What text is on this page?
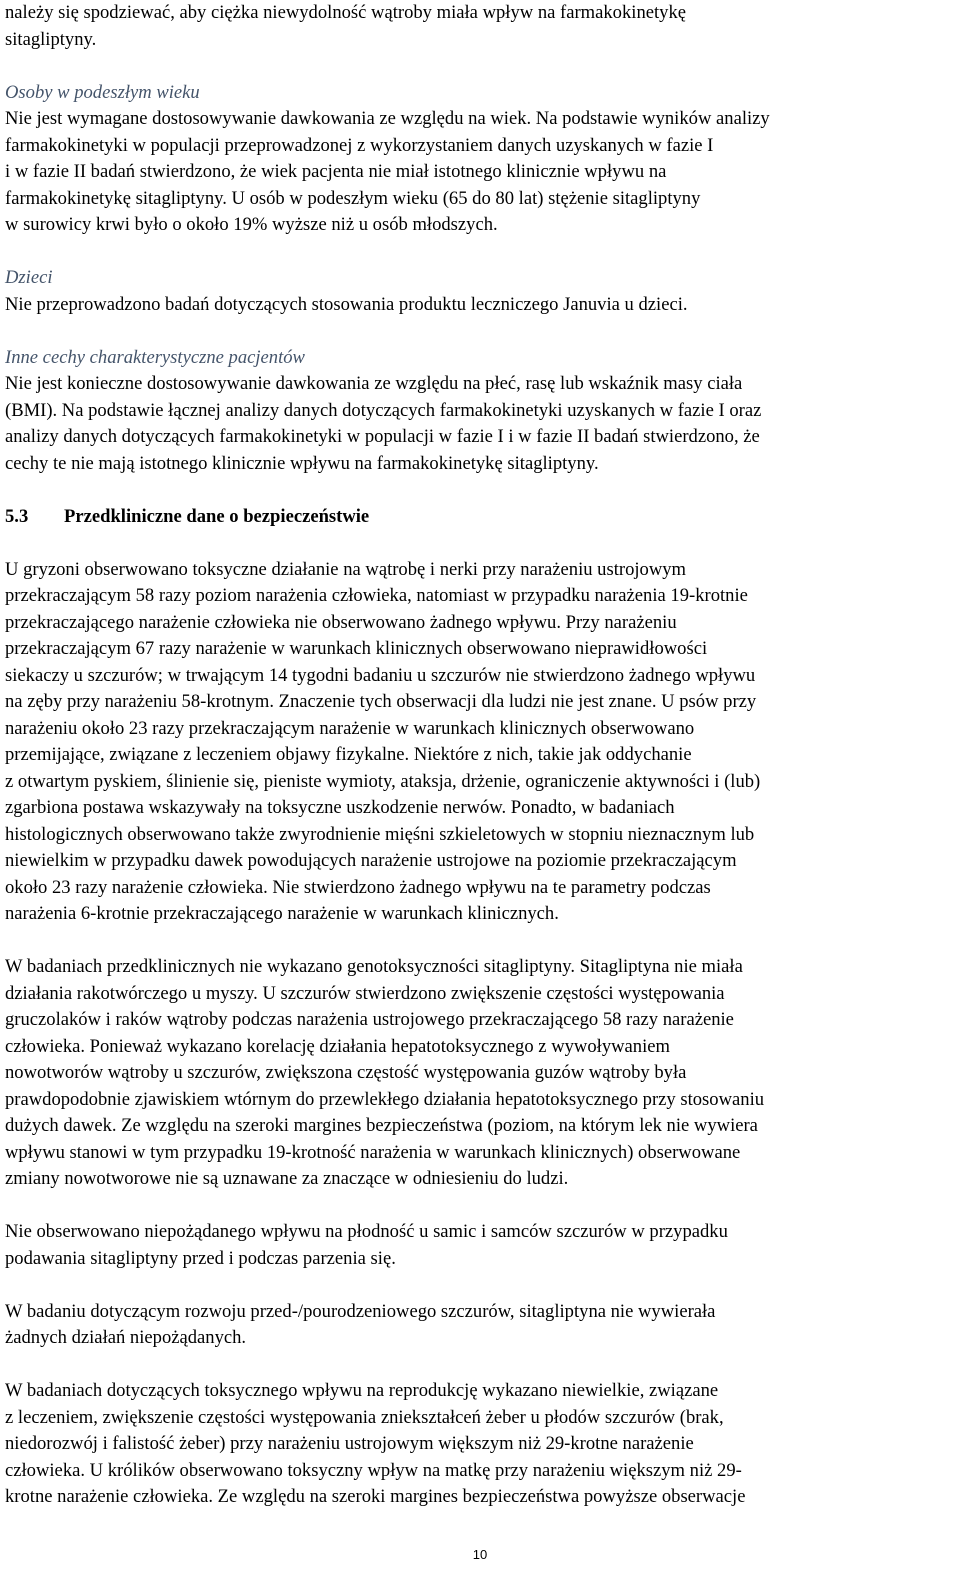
należy się spodziewać, aby ciężka niewydolność wątroby miała wpływ na farmakokinetykę
sitagliptyny.

Osoby w podeszłym wieku

Nie jest wymagane dostosowywanie dawkowania ze względu na wiek. Na podstawie wyników analizy
farmakokinetyki w populacji przeprowadzonej z wykorzystaniem danych uzyskanych w fazie I
i w fazie II badań stwierdzono, że wiek pacjenta nie miał istotnego klinicznie wpływu na
farmakokinetykę sitagliptyny. U osób w podeszłym wieku (65 do 80 lat) stężenie sitagliptyny
w surowicy krwi było o około 19% wyższe niż u osób młodszych.

Dzieci

Nie przeprowadzono badań dotyczących stosowania produktu leczniczego Januvia u dzieci.

Inne cechy charakterystyczne pacjentów

Nie jest konieczne dostosowywanie dawkowania ze względu na płeć, rasę lub wskaźnik masy ciała
(BMI). Na podstawie łącznej analizy danych dotyczących farmakokinetyki uzyskanych w fazie I oraz
analizy danych dotyczących farmakokinetyki w populacji w fazie I i w fazie II badań stwierdzono, że
cechy te nie mają istotnego klinicznie wpływu na farmakokinetykę sitagliptyny.

5.3	Przedkliniczne dane o bezpieczeństwie

U gryzoni obserwowano toksyczne działanie na wątrobę i nerki przy narażeniu ustrojowym
przekraczającym 58 razy poziom narażenia człowieka, natomiast w przypadku narażenia 19-krotnie
przekraczającego narażenie człowieka nie obserwowano żadnego wpływu. Przy narażeniu
przekraczającym 67 razy narażenie w warunkach klinicznych obserwowano nieprawidłowości
siekaczy u szczurów; w trwającym 14 tygodni badaniu u szczurów nie stwierdzono żadnego wpływu
na zęby przy narażeniu 58-krotnym. Znaczenie tych obserwacji dla ludzi nie jest znane. U psów przy
narażeniu około 23 razy przekraczającym narażenie w warunkach klinicznych obserwowano
przemijające, związane z leczeniem objawy fizykalne. Niektóre z nich, takie jak oddychanie
z otwartym pyskiem, ślinienie się, pieniste wymioty, ataksja, drżenie, ograniczenie aktywności i (lub)
zgarbiona postawa wskazywały na toksyczne uszkodzenie nerwów. Ponadto, w badaniach
histologicznych obserwowano także zwyrodnienie mięśni szkieletowych w stopniu nieznacznym lub
niewielkim w przypadku dawek powodujących narażenie ustrojowe na poziomie przekraczającym
około 23 razy narażenie człowieka. Nie stwierdzono żadnego wpływu na te parametry podczas
narażenia 6-krotnie przekraczającego narażenie w warunkach klinicznych.

W badaniach przedklinicznych nie wykazano genotoksyczności sitagliptyny. Sitagliptyna nie miała
działania rakotwórczego u myszy. U szczurów stwierdzono zwiększenie częstości występowania
gruczolaków i raków wątroby podczas narażenia ustrojowego przekraczającego 58 razy narażenie
człowieka. Ponieważ wykazano korelację działania hepatotoksycznego z wywoływaniem
nowotworów wątroby u szczurów, zwiększona częstość występowania guzów wątroby była
prawdopodobnie zjawiskiem wtórnym do przewlekłego działania hepatotoksycznego przy stosowaniu
dużych dawek. Ze względu na szeroki margines bezpieczeństwa (poziom, na którym lek nie wywiera
wpływu stanowi w tym przypadku 19-krotność narażenia w warunkach klinicznych) obserwowane
zmiany nowotworowe nie są uznawane za znaczące w odniesieniu do ludzi.

Nie obserwowano niepożądanego wpływu na płodność u samic i samców szczurów w przypadku
podawania sitagliptyny przed i podczas parzenia się.

W badaniu dotyczącym rozwoju przed-/pourodzeniowego szczurów, sitagliptyna nie wywierała
żadnych działań niepożądanych.

W badaniach dotyczących toksycznego wpływu na reprodukcję wykazano niewielkie, związane
z leczeniem, zwiększenie częstości występowania zniekształceń żeber u płodów szczurów (brak,
niedorozwój i falistość żeber) przy narażeniu ustrojowym większym niż 29-krotne narażenie
człowieka. U królików obserwowano toksyczny wpływ na matkę przy narażeniu większym niż 29-
krotne narażenie człowieka. Ze względu na szeroki margines bezpieczeństwa powyższe obserwacje

10
